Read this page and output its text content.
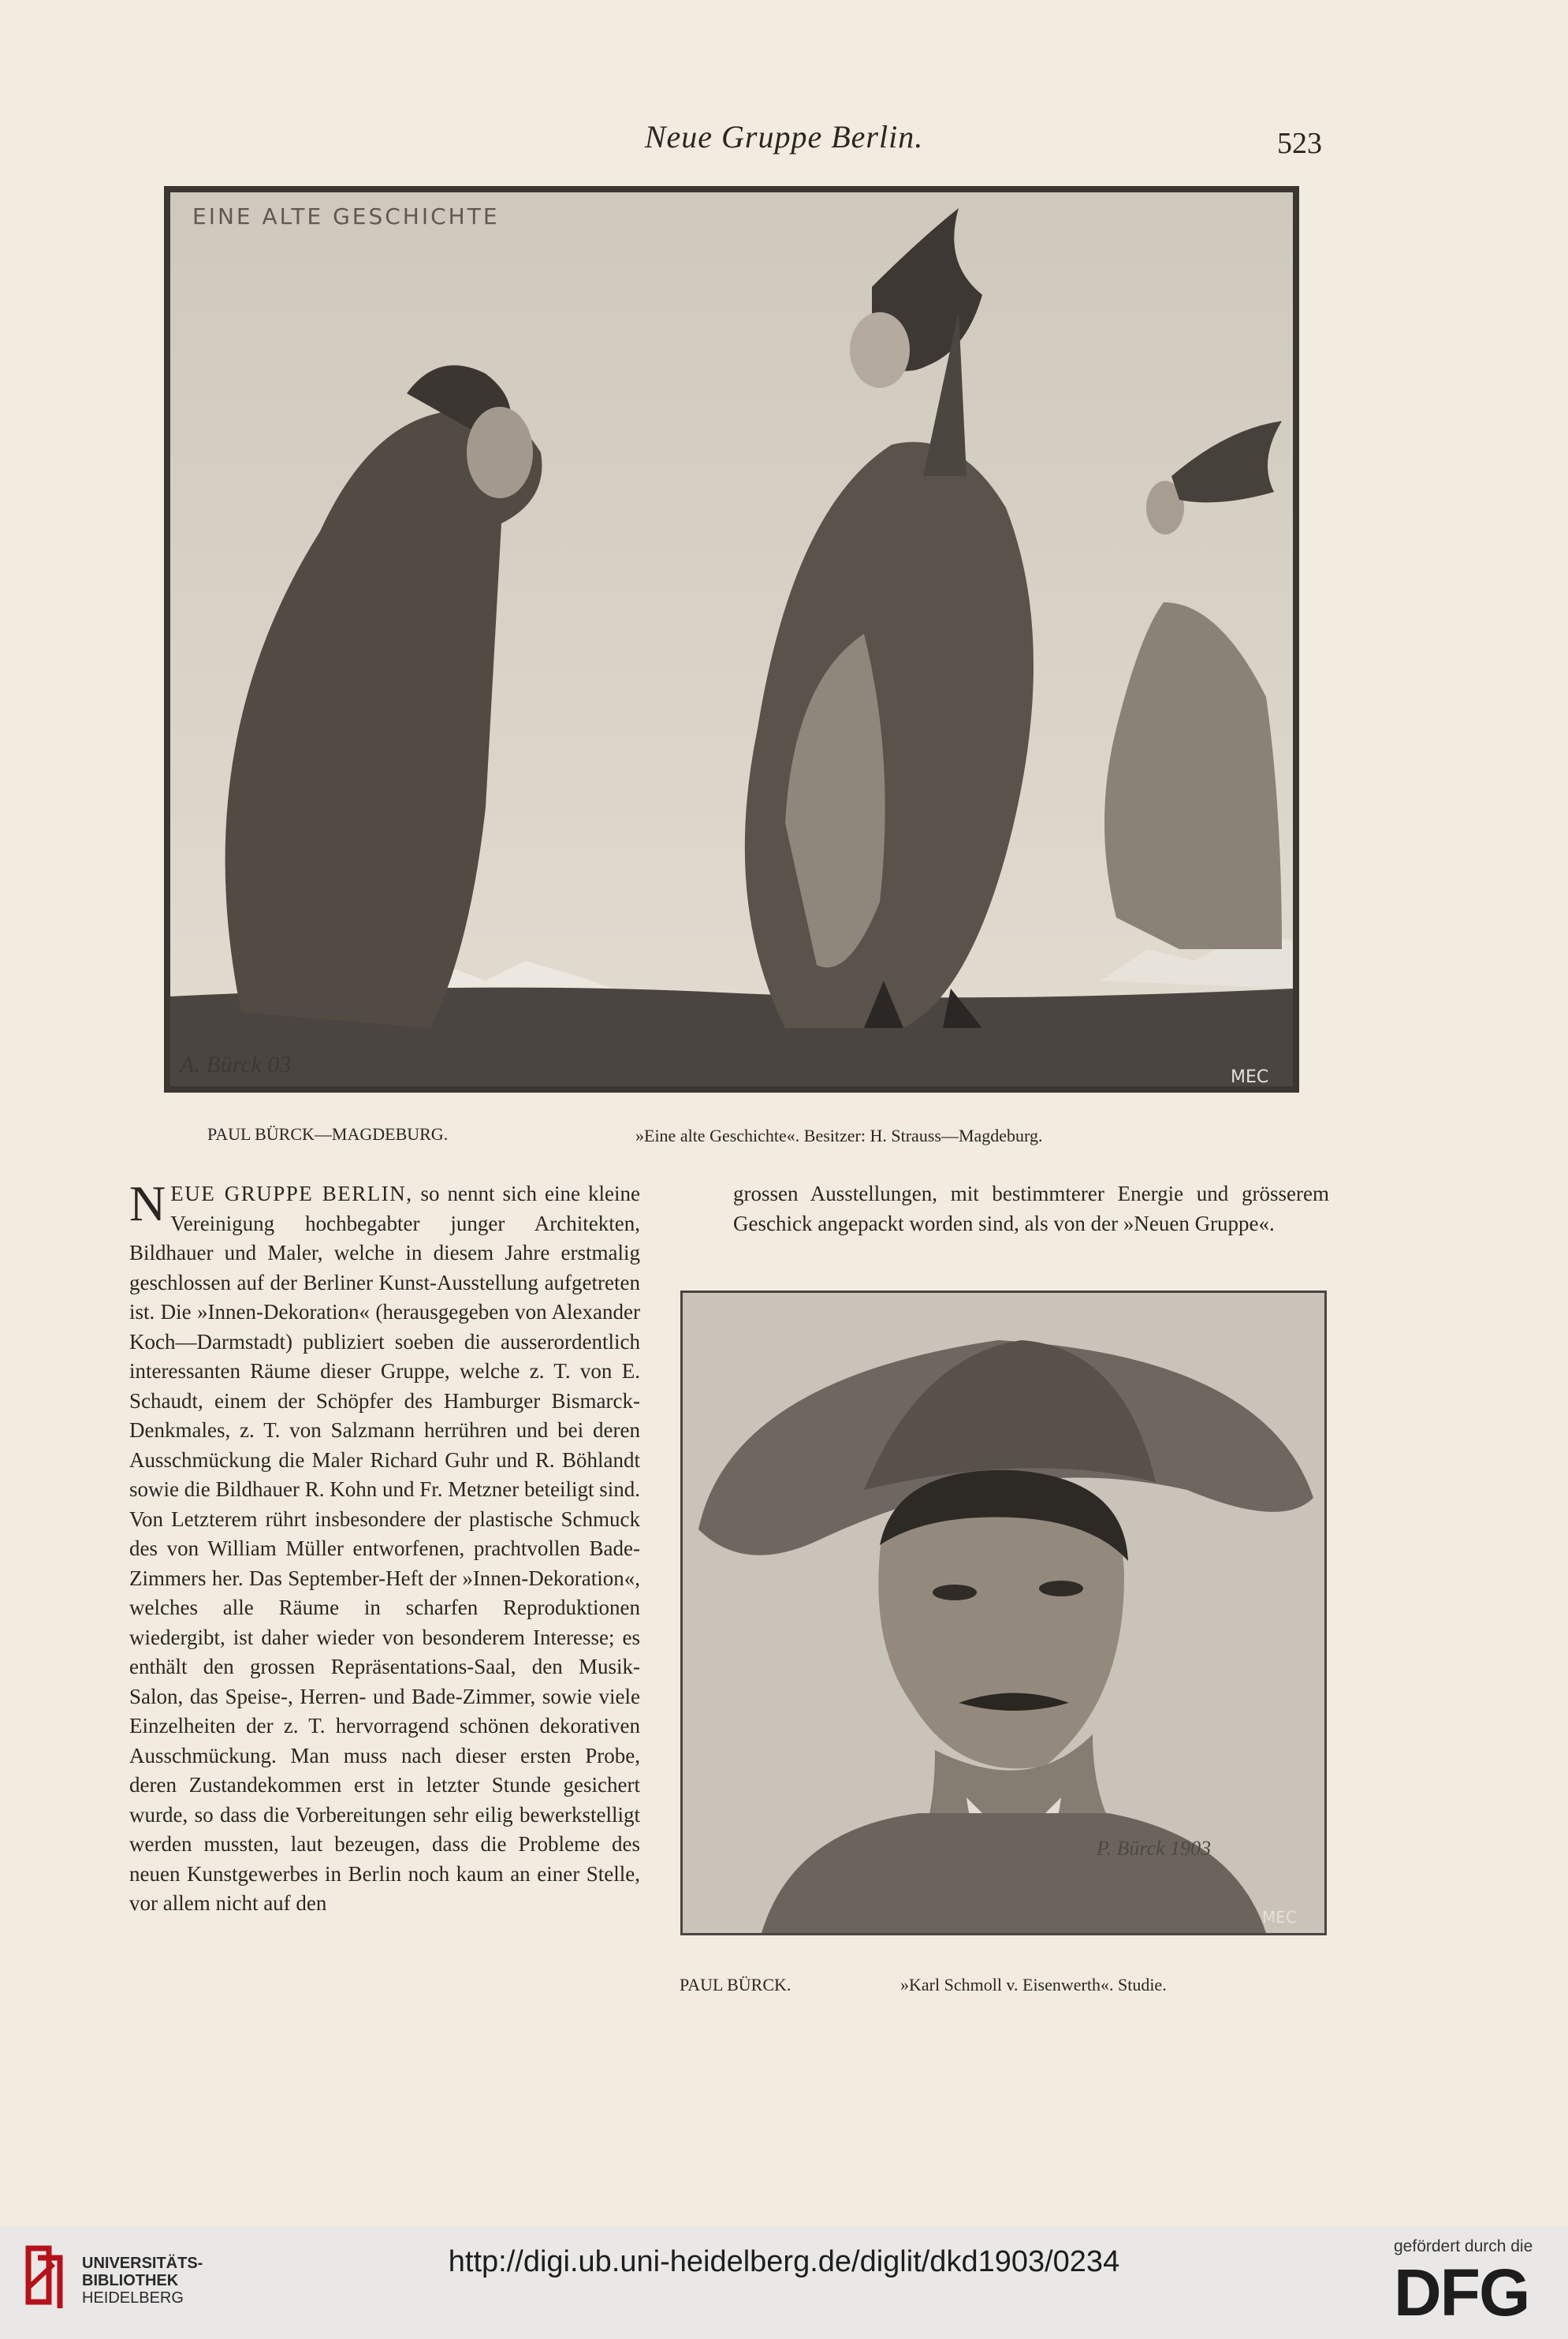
Neue Gruppe Berlin.	523
EINE ALTE GESCHICHTE
A. Bürck 03	MEC
PAUL BÜRCK—MAGDEBURG.	»Eine alte Geschichte«. Besitzer: H. Strauss—Magdeburg.
NEUE GRUPPE BERLIN, so nennt sich eine kleine Vereinigung hochbegabter junger Architekten, Bildhauer und Maler, welche in diesem Jahre erstmalig geschlossen auf der Berliner Kunst-Ausstellung aufgetreten ist. Die »Innen-Dekoration« (herausgegeben von Alexander Koch—Darmstadt) publiziert soeben die ausserordentlich interessanten Räume dieser Gruppe, welche z. T. von E. Schaudt, einem der Schöpfer des Hamburger Bismarck-Denkmales, z. T. von Salzmann herrühren und bei deren Ausschmückung die Maler Richard Guhr und R. Böhlandt sowie die Bildhauer R. Kohn und Fr. Metzner beteiligt sind. Von Letzterem rührt insbesondere der plastische Schmuck des von William Müller entworfenen, prachtvollen Bade-Zimmers her. Das September-Heft der »Innen-Dekoration«, welches alle Räume in scharfen Reproduktionen wiedergibt, ist daher wieder von besonderem Interesse; es enthält den grossen Repräsentations-Saal, den Musik-Salon, das Speise-, Herren- und Bade-Zimmer, sowie viele Einzelheiten der z. T. hervorragend schönen dekorativen Ausschmückung. Man muss nach dieser ersten Probe, deren Zustandekommen erst in letzter Stunde gesichert wurde, so dass die Vorbereitungen sehr eilig bewerkstelligt werden mussten, laut bezeugen, dass die Probleme des neuen Kunstgewerbes in Berlin noch kaum an einer Stelle, vor allem nicht auf den
grossen Ausstellungen, mit bestimmterer Energie und grösserem Geschick angepackt worden sind, als von der »Neuen Gruppe«.
P. Bürck 1903
MEC
PAUL BÜRCK.	»Karl Schmoll v. Eisenwerth«. Studie.
UNIVERSITÄTS-
BIBLIOTHEK
HEIDELBERG
http://digi.ub.uni-heidelberg.de/diglit/dkd1903/0234	gefördert durch die
DFG
